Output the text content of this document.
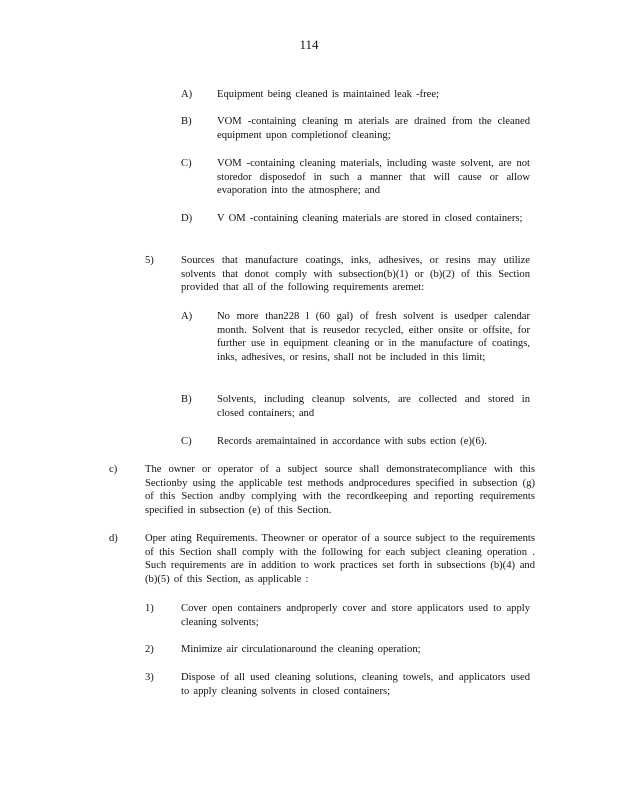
114
A) Equipment being cleaned is maintained leak -free;
B) VOM -containing cleaning m aterials are drained from the cleaned equipment upon completionof cleaning;
C) VOM -containing cleaning materials, including waste solvent, are not storedor disposedof in such a manner that will cause or allow evaporation into the atmosphere; and
D) V OM -containing cleaning materials are stored in closed containers;
5)	Sources that manufacture coatings, inks, adhesives, or resins may utilize solvents that donot comply with subsection(b)(1) or (b)(2) of this Section provided that all of the following requirements aremet:
A) No more than228 l (60 gal) of fresh solvent is usedper calendar month. Solvent that is reusedor recycled, either onsite or offsite, for further use in equipment cleaning or in the manufacture of coatings, inks, adhesives, or resins, shall not be included in this limit;
B) Solvents, including cleanup solvents, are collected and stored in closed containers; and
C) Records aremaintained in accordance with subs ection (e)(6).
c)	The owner or operator of a subject source shall demonstratecompliance with this Sectionby using the applicable test methods andprocedures specified in subsection (g) of this Section andby complying with the recordkeeping and reporting requirements specified in subsection (e) of this Section.
d)	Oper ating Requirements. Theowner or operator of a source subject to the requirements of this Section shall comply with the following for each subject cleaning operation . Such requirements are in addition to work practices set forth in subsections (b)(4) and (b)(5) of this Section, as applicable :
1)	Cover open containers andproperly cover and store applicators used to apply cleaning solvents;
2)	Minimize air circulationaround the cleaning operation;
3)	Dispose of all used cleaning solutions, cleaning towels, and applicators used to apply cleaning solvents in closed containers;
